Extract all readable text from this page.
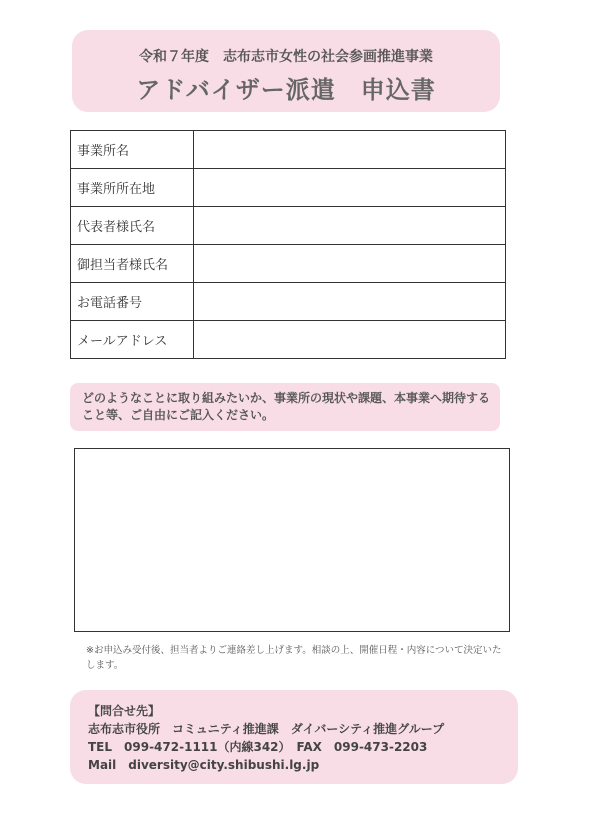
令和７年度　志布志市女性の社会参画推進事業
アドバイザー派遣　申込書
事業所名	
事業所所在地	
代表者様氏名	
御担当者様氏名	
お電話番号	
メールアドレス	
どのようなことに取り組みたいか、事業所の現状や課題、本事業へ期待すること等、ご自由にご記入ください。
※お申込み受付後、担当者よりご連絡差し上げます。相談の上、開催日程・内容について決定いたします。
【問合せ先】
志布志市役所　コミュニティ推進課　ダイバーシティ推進グループ
TEL　099-472-1111（内線342）　FAX　099-473-2203
Mail　diversity@city.shibushi.lg.jp
